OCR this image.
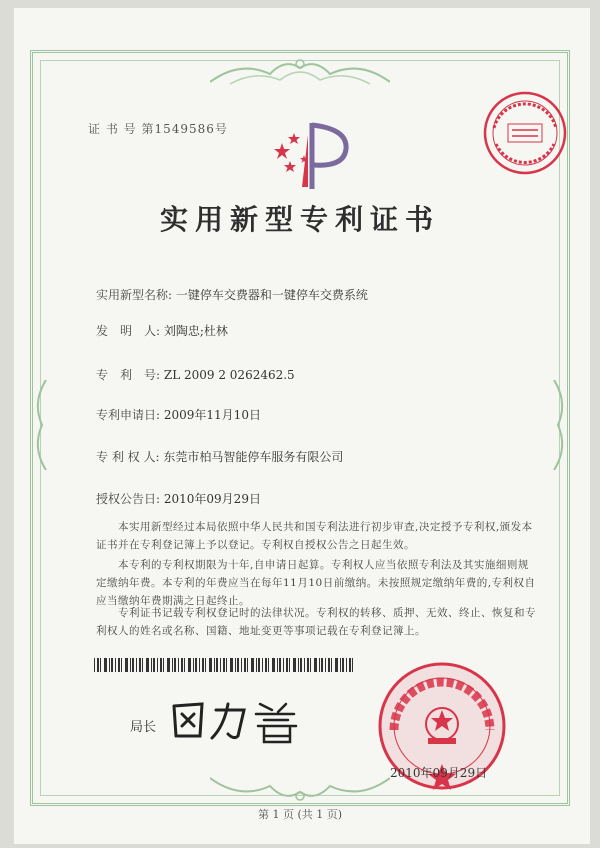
证 书 号 第1549586号
实用新型专利证书
实用新型名称: 一键停车交费器和一键停车交费系统
发　明　人: 刘陶忠;杜林
专　利　号: ZL 2009 2 0262462.5
专利申请日: 2009年11月10日
专 利 权 人: 东莞市柏马智能停车服务有限公司
授权公告日: 2010年09月29日
本实用新型经过本局依照中华人民共和国专利法进行初步审查,决定授予专利权,颁发本证书并在专利登记簿上予以登记。专利权自授权公告之日起生效。
本专利的专利权期限为十年,自申请日起算。专利权人应当依照专利法及其实施细则规定缴纳年费。本专利的年费应当在每年11月10日前缴纳。未按照规定缴纳年费的,专利权自应当缴纳年费期满之日起终止。
专利证书记载专利权登记时的法律状况。专利权的转移、质押、无效、终止、恢复和专利权人的姓名或名称、国籍、地址变更等事项记载在专利登记簿上。
局长
2010年09月29日
第 1 页 (共 1 页)
